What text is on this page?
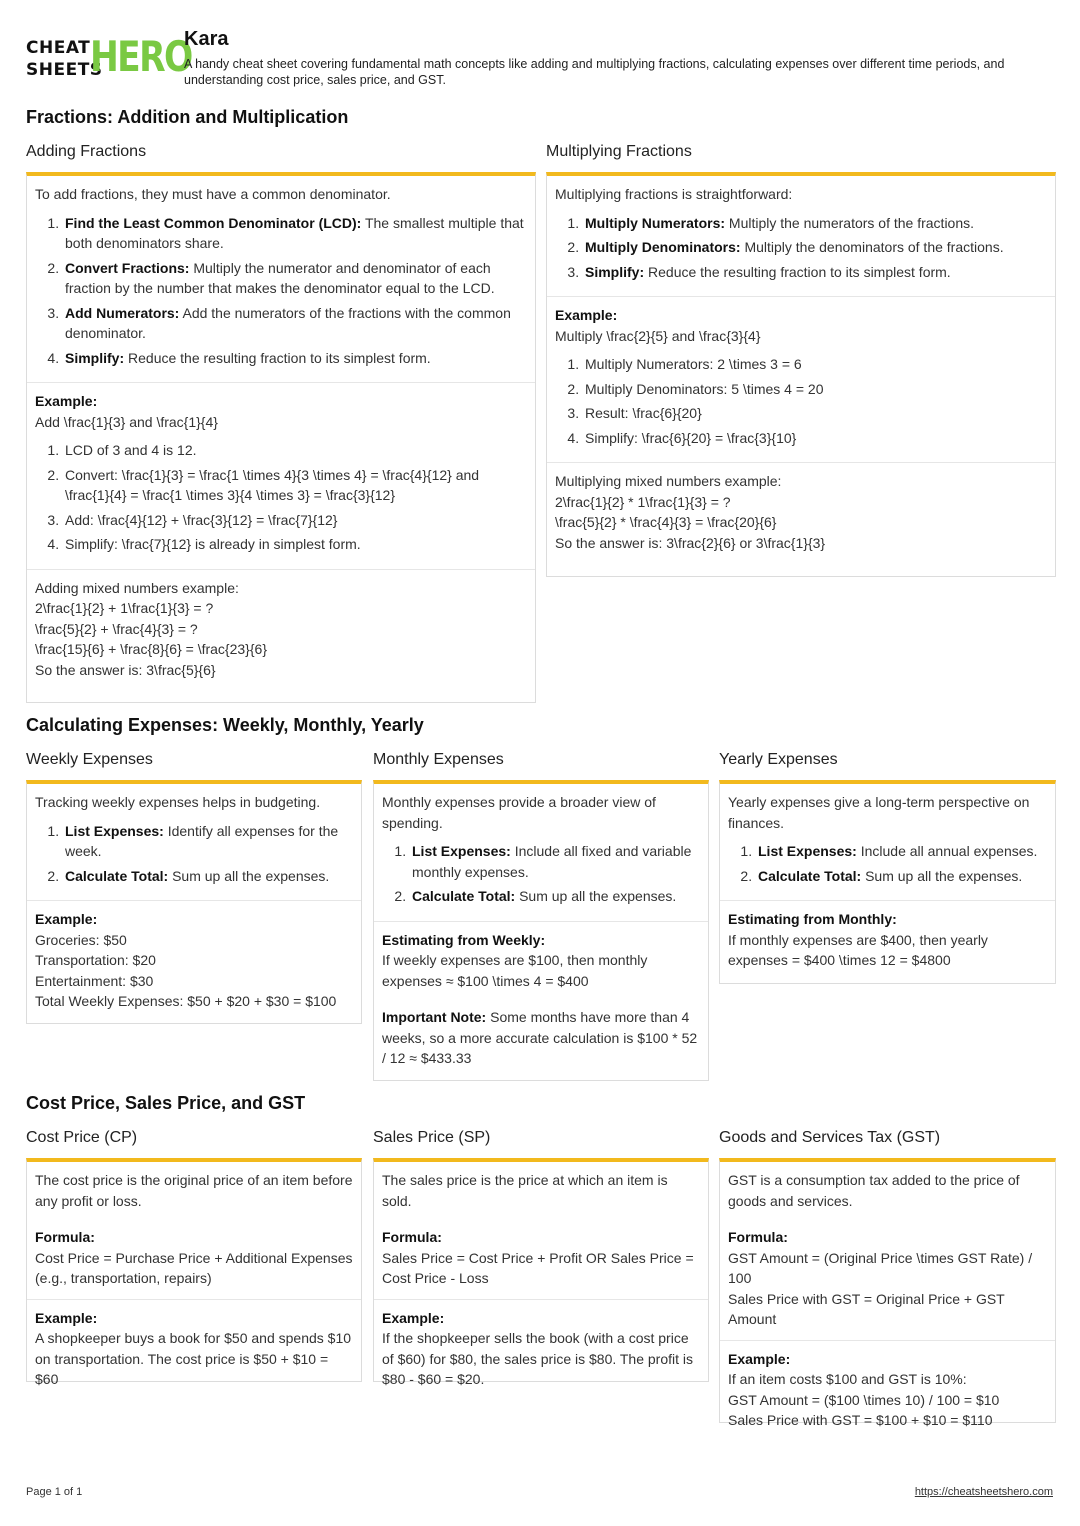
CHEAT
SHEETS
HERO
Kara
A handy cheat sheet covering fundamental math concepts like adding and multiplying fractions, calculating expenses over different time periods, and understanding cost price, sales price, and GST.
Fractions: Addition and Multiplication
Adding Fractions

To add fractions, they must have a common denominator.

1. Find the Least Common Denominator (LCD): The smallest multiple that both denominators share.
2. Convert Fractions: Multiply the numerator and denominator of each fraction by the number that makes the denominator equal to the LCD.
3. Add Numerators: Add the numerators of the fractions with the common denominator.
4. Simplify: Reduce the resulting fraction to its simplest form.

Example:

Add \frac{1}{3} and \frac{1}{4}

1. LCD of 3 and 4 is 12.
2. Convert: \frac{1}{3} = \frac{1 \times 4}{3 \times 4} = \frac{4}{12} and \frac{1}{4} = \frac{1 \times 3}{4 \times 3} = \frac{3}{12}
3. Add: \frac{4}{12} + \frac{3}{12} = \frac{7}{12}
4. Simplify: \frac{7}{12} is already in simplest form.

Adding mixed numbers example:

2\frac{1}{2} + 1\frac{1}{3} = ?

\frac{5}{2} + \frac{4}{3} = ?

\frac{15}{6} + \frac{8}{6} = \frac{23}{6}

So the answer is: 3\frac{5}{6}

Multiplying Fractions

Multiplying fractions is straightforward:

1. Multiply Numerators: Multiply the numerators of the fractions.
2. Multiply Denominators: Multiply the denominators of the fractions.
3. Simplify: Reduce the resulting fraction to its simplest form.

Example:

Multiply \frac{2}{5} and \frac{3}{4}

1. Multiply Numerators: 2 \times 3 = 6
2. Multiply Denominators: 5 \times 4 = 20
3. Result: \frac{6}{20}
4. Simplify: \frac{6}{20} = \frac{3}{10}

Multiplying mixed numbers example:

2\frac{1}{2} * 1\frac{1}{3} = ?

\frac{5}{2} * \frac{4}{3} = \frac{20}{6}

So the answer is: 3\frac{2}{6} or 3\frac{1}{3}

Calculating Expenses: Weekly, Monthly, Yearly
Weekly Expenses

Tracking weekly expenses helps in budgeting.

1. List Expenses: Identify all expenses for the week.
2. Calculate Total: Sum up all the expenses.

Example:

Groceries: $50

Transportation: $20

Entertainment: $30

Total Weekly Expenses: $50 + $20 + $30 = $100

Monthly Expenses

Monthly expenses provide a broader view of spending.

1. List Expenses: Include all fixed and variable monthly expenses.
2. Calculate Total: Sum up all the expenses.

Estimating from Weekly:

If weekly expenses are $100, then monthly expenses ≈ $100 \times 4 = $400

Important Note: Some months have more than 4 weeks, so a more accurate calculation is $100 * 52 / 12 ≈ $433.33

Yearly Expenses

Yearly expenses give a long-term perspective on finances.

1. List Expenses: Include all annual expenses.
2. Calculate Total: Sum up all the expenses.

Estimating from Monthly:

If monthly expenses are $400, then yearly expenses = $400 \times 12 = $4800

Cost Price, Sales Price, and GST
Cost Price (CP)

The cost price is the original price of an item before any profit or loss.

Formula:

Cost Price = Purchase Price + Additional Expenses (e.g., transportation, repairs)

Example:

A shopkeeper buys a book for $50 and spends $10 on transportation. The cost price is $50 + $10 = $60

Sales Price (SP)

The sales price is the price at which an item is sold.

Formula:

Sales Price = Cost Price + Profit OR Sales Price = Cost Price - Loss

Example:

If the shopkeeper sells the book (with a cost price of $60) for $80, the sales price is $80. The profit is $80 - $60 = $20.

Goods and Services Tax (GST)

GST is a consumption tax added to the price of goods and services.

Formula:

GST Amount = (Original Price \times GST Rate) / 100

Sales Price with GST = Original Price + GST Amount

Example:

If an item costs $100 and GST is 10%:

GST Amount = ($100 \times 10) / 100 = $10

Sales Price with GST = $100 + $10 = $110

Page 1 of 1	https://cheatsheetshero.com
